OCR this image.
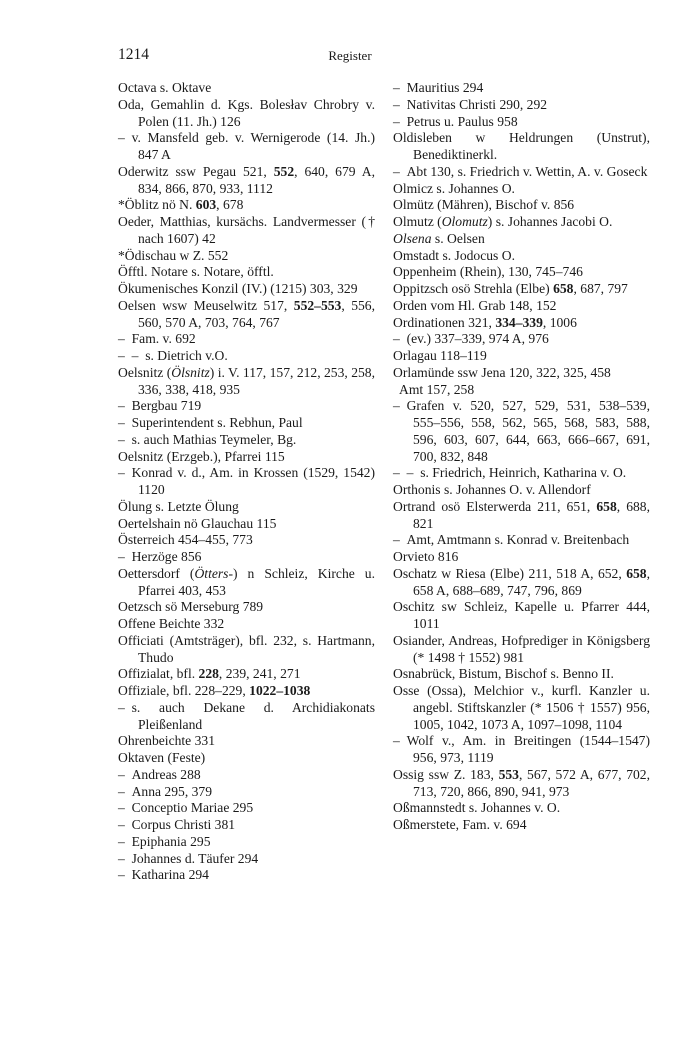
1214	Register
Octava s. Oktave
Oda, Gemahlin d. Kgs. Bolesłav Chrobry v. Polen (11. Jh.) 126
– v. Mansfeld geb. v. Wernigerode (14. Jh.) 847 A
Oderwitz ssw Pegau 521, 552, 640, 679 A, 834, 866, 870, 933, 1112
*Öblitz nö N. 603, 678
Oeder, Matthias, kursächs. Landvermesser († nach 1607) 42
*Ödischau w Z. 552
Öfftl. Notare s. Notare, öfftl.
Ökumenisches Konzil (IV.) (1215) 303, 329
Oelsen wsw Meuselwitz 517, 552–553, 556, 560, 570 A, 703, 764, 767
– Fam. v. 692
– – s. Dietrich v.O.
Oelsnitz (Ölsnitz) i. V. 117, 157, 212, 253, 258, 336, 338, 418, 935
– Bergbau 719
– Superintendent s. Rebhun, Paul
– s. auch Mathias Teymeler, Bg.
Oelsnitz (Erzgeb.), Pfarrei 115
– Konrad v. d., Am. in Krossen (1529, 1542) 1120
Ölung s. Letzte Ölung
Oertelshain nö Glauchau 115
Österreich 454–455, 773
– Herzöge 856
Oettersdorf (Ötters-) n Schleiz, Kirche u. Pfarrei 403, 453
Oetzsch sö Merseburg 789
Offene Beichte 332
Officiati (Amtsträger), bfl. 232, s. Hartmann, Thudo
Offizialat, bfl. 228, 239, 241, 271
Offiziale, bfl. 228–229, 1022–1038
– s. auch Dekane d. Archidiakonats Pleißenland
Ohrenbeichte 331
Oktaven (Feste)
– Andreas 288
– Anna 295, 379
– Conceptio Mariae 295
– Corpus Christi 381
– Epiphania 295
– Johannes d. Täufer 294
– Katharina 294
– Mauritius 294
– Nativitas Christi 290, 292
– Petrus u. Paulus 958
Oldisleben w Heldrungen (Unstrut), Benediktinerkl.
– Abt 130, s. Friedrich v. Wettin, A. v. Goseck
Olmicz s. Johannes O.
Olmütz (Mähren), Bischof v. 856
Olmutz (Olomutz) s. Johannes Jacobi O.
Olsena s. Oelsen
Omstadt s. Jodocus O.
Oppenheim (Rhein), 130, 745–746
Oppitzsch osö Strehla (Elbe) 658, 687, 797
Orden vom Hl. Grab 148, 152
Ordinationen 321, 334–339, 1006
– (ev.) 337–339, 974 A, 976
Orlagau 118–119
Orlamünde ssw Jena 120, 322, 325, 458
Amt 157, 258
– Grafen v. 520, 527, 529, 531, 538–539, 555–556, 558, 562, 565, 568, 583, 588, 596, 603, 607, 644, 663, 666–667, 691, 700, 832, 848
– – s. Friedrich, Heinrich, Katharina v. O.
Orthonis s. Johannes O. v. Allendorf
Ortrand osö Elsterwerda 211, 651, 658, 688, 821
– Amt, Amtmann s. Konrad v. Breitenbach
Orvieto 816
Oschatz w Riesa (Elbe) 211, 518 A, 652, 658, 658 A, 688–689, 747, 796, 869
Oschitz sw Schleiz, Kapelle u. Pfarrer 444, 1011
Osiander, Andreas, Hofprediger in Königsberg (* 1498 † 1552) 981
Osnabrück, Bistum, Bischof s. Benno II.
Osse (Ossa), Melchior v., kurfl. Kanzler u. angebl. Stiftskanzler (* 1506 † 1557) 956, 1005, 1042, 1073 A, 1097–1098, 1104
– Wolf v., Am. in Breitingen (1544–1547) 956, 973, 1119
Ossig ssw Z. 183, 553, 567, 572 A, 677, 702, 713, 720, 866, 890, 941, 973
Oßmannstedt s. Johannes v. O.
Oßmerstete, Fam. v. 694
